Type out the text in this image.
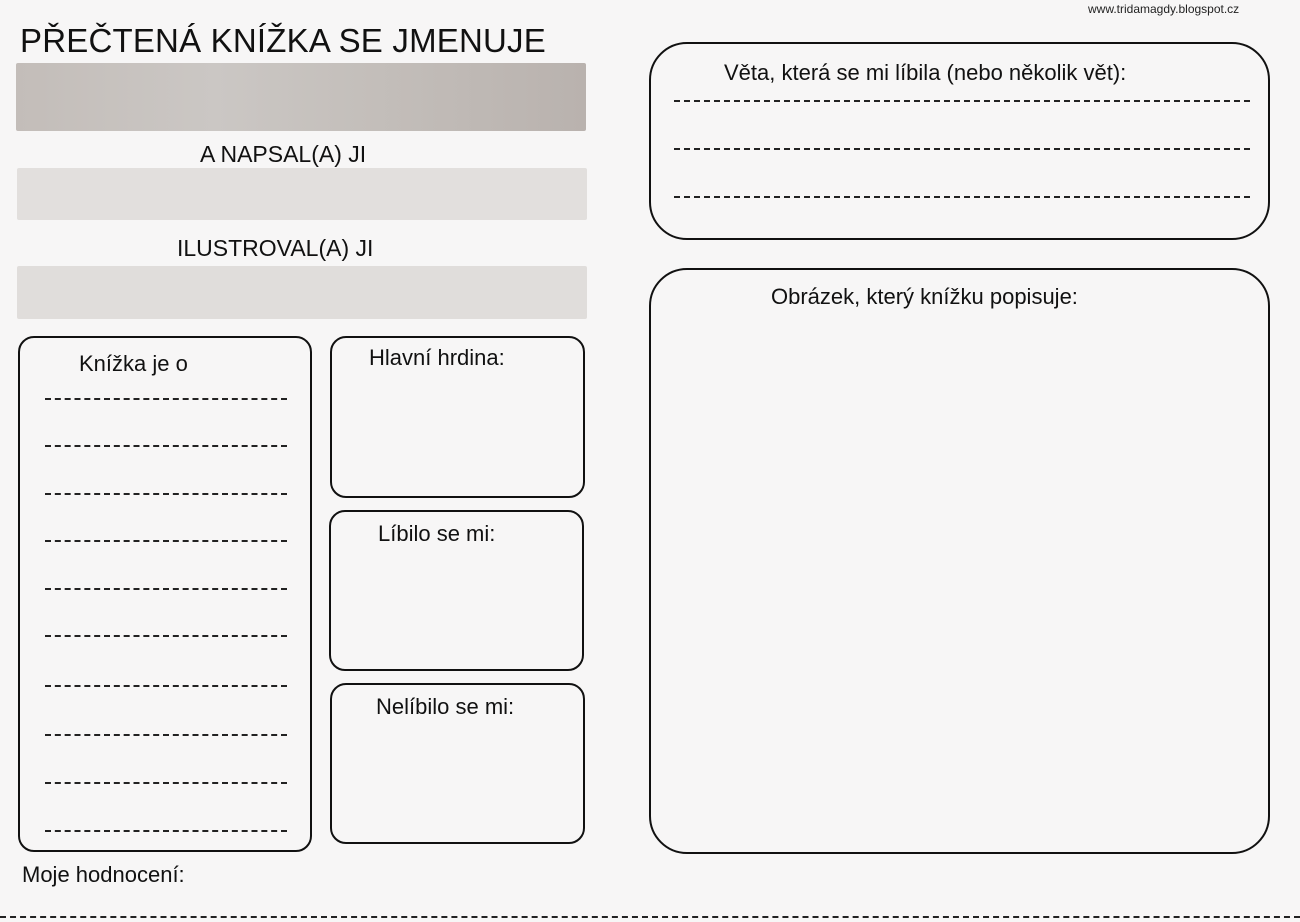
www.tridamagdy.blogspot.cz
PŘEČTENÁ KNÍŽKA SE JMENUJE
A NAPSAL(A) JI
ILUSTROVAL(A) JI
Knížka je o	Hlavní hrdina:
Líbilo se mi:
Nelíbilo se mi:
Věta, která se mi líbila (nebo několik vět):
Obrázek, který knížku popisuje:
Moje hodnocení:
